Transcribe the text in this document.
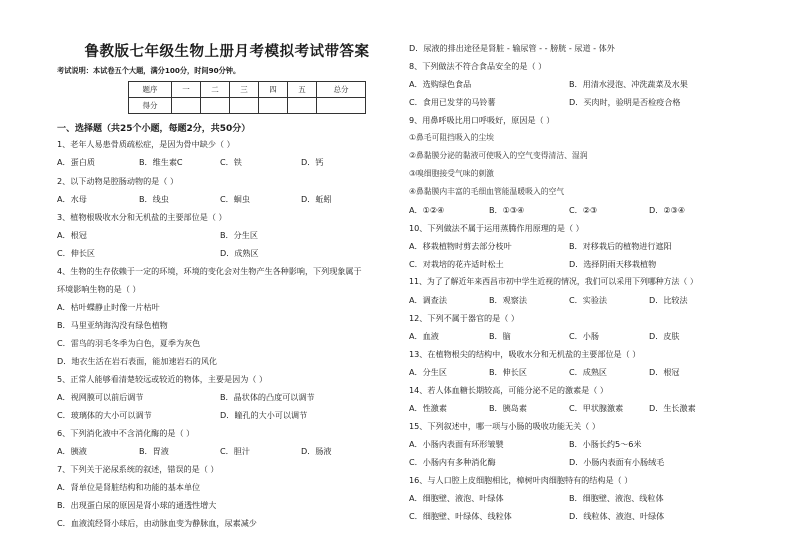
鲁教版七年级生物上册月考模拟考试带答案
考试说明：本试卷五个大题，满分100分，时间90分钟。
题序	一	二	三	四	五	总分
得分						
一、选择题（共25个小题，每题2分，共50分）
1、老年人易患骨质疏松症，是因为骨中缺少（ ）
A．蛋白质	B．维生素C	C．铁	D．钙
2、以下动物是腔肠动物的是（ ）
A．水母	B．线虫	C．蛔虫	D．蚯蚓
3、植物根吸收水分和无机盐的主要部位是（ ）
A．根冠	B．分生区
C．伸长区	D．成熟区
4、生物的生存依赖于一定的环境，环境的变化会对生物产生各种影响，下列现象属于
环境影响生物的是（ ）
A．枯叶蝶静止时像一片枯叶
B．马里亚纳海沟没有绿色植物
C．雷鸟的羽毛冬季为白色，夏季为灰色
D．地衣生活在岩石表面，能加速岩石的风化
5、正常人能够看清楚较远或较近的物体，主要是因为（ ）
A．视网膜可以前后调节	B．晶状体的凸度可以调节
C．玻璃体的大小可以调节	D．瞳孔的大小可以调节
6、下列消化液中不含消化酶的是（ ）
A．胰液	B．胃液	C．胆汁	D．肠液
7、下列关于泌尿系统的叙述，错误的是（ ）
A．肾单位是肾脏结构和功能的基本单位
B．出现蛋白尿的原因是肾小球的通透性增大
C．血液流经肾小球后，由动脉血变为静脉血，尿素减少
D．尿液的排出途径是肾脏 - 输尿管 - - 膀胱 - 尿道 - 体外
8、下列做法不符合食品安全的是（ ）
A．选购绿色食品	B．用清水浸泡、冲洗蔬菜及水果
C．食用已发芽的马铃薯	D．买肉时，验明是否检疫合格
9、用鼻呼吸比用口呼吸好，原因是（ ）
①鼻毛可阻挡吸入的尘埃
②鼻黏膜分泌的黏液可使吸入的空气变得清洁、湿润
③嗅细胞接受气味的刺激
④鼻黏膜内丰富的毛细血管能温暖吸入的空气
A．①②④	B．①③④	C．②③	D．②③④
10、下列做法不属于运用蒸腾作用原理的是（ ）
A．移栽植物时剪去部分枝叶	B．对移栽后的植物进行遮阳
C．对栽培的花卉适时松土	D．选择阴雨天移栽植物
11、为了了解近年来西昌市初中学生近视的情况，我们可以采用下列哪种方法（ ）
A．调查法	B．观察法	C．实验法	D．比较法
12、下列不属于器官的是（ ）
A．血液	B．脑	C．小肠	D．皮肤
13、在植物根尖的结构中，吸收水分和无机盐的主要部位是（ ）
A．分生区	B．伸长区	C．成熟区	D．根冠
14、若人体血糖长期较高，可能分泌不足的激素是（ ）
A．性激素	B．胰岛素	C．甲状腺激素	D．生长激素
15、下列叙述中，哪一项与小肠的吸收功能无关（ ）
A．小肠内表面有环形皱襞	B．小肠长约5～6米
C．小肠内有多种消化酶	D．小肠内表面有小肠绒毛
16、与人口腔上皮细胞相比，樟树叶肉细胞特有的结构是（ ）
A．细胞壁、液泡、叶绿体	B．细胞壁、液泡、线粒体
C．细胞壁、叶绿体、线粒体	D．线粒体、液泡、叶绿体
